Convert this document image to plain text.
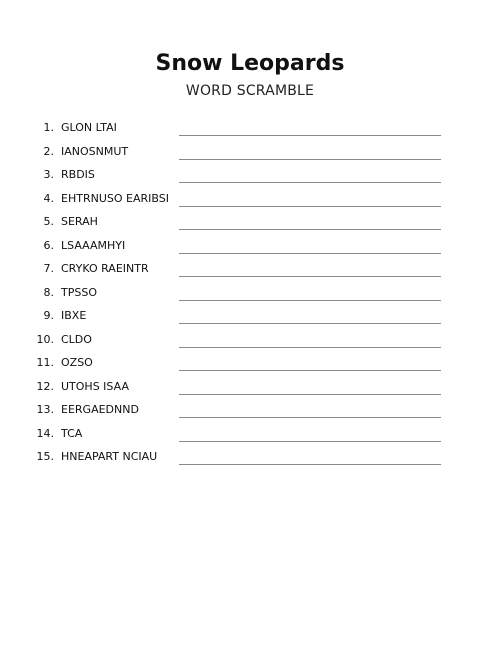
Snow Leopards
WORD SCRAMBLE
1. GLON LTAI
2. IANOSNMUT
3. RBDIS
4. EHTRNUSO EARIBSI
5. SERAH
6. LSAAAMHYI
7. CRYKO RAEINTR
8. TPSSO
9. IBXE
10. CLDO
11. OZSO
12. UTOHS ISAA
13. EERGAEDNND
14. TCA
15. HNEAPART NCIAU
